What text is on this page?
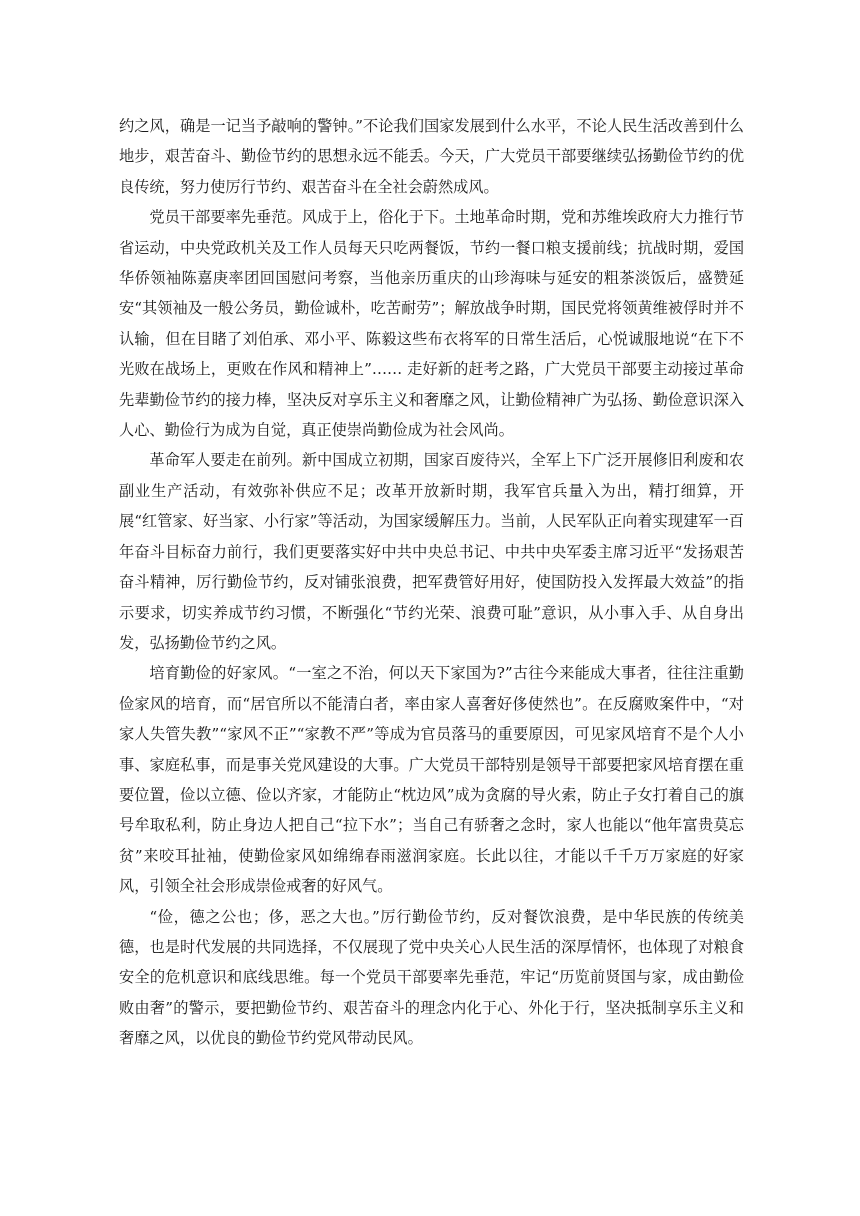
约之风，确是一记当予敲响的警钟。”不论我们国家发展到什么水平，不论人民生活改善到什么地步，艰苦奋斗、勤俭节约的思想永远不能丢。今天，广大党员干部要继续弘扬勤俭节约的优良传统，努力使厉行节约、艰苦奋斗在全社会蔚然成风。

党员干部要率先垂范。风成于上，俗化于下。土地革命时期，党和苏维埃政府大力推行节省运动，中央党政机关及工作人员每天只吃两餐饭，节约一餐口粮支援前线；抗战时期，爱国华侨领袖陈嘉庚率团回国慰问考察，当他亲历重庆的山珍海味与延安的粗茶淡饭后，盛赞延安“其领袖及一般公务员，勤俭诚朴，吃苦耐劳”；解放战争时期，国民党将领黄维被俘时并不认输，但在目睹了刘伯承、邓小平、陈毅这些布衣将军的日常生活后，心悦诚服地说“在下不光败在战场上，更败在作风和精神上”…… 走好新的赶考之路，广大党员干部要主动接过革命先辈勤俭节约的接力棒，坚决反对享乐主义和奢靡之风，让勤俭精神广为弘扬、勤俭意识深入人心、勤俭行为成为自觉，真正使崇尚勤俭成为社会风尚。

革命军人要走在前列。新中国成立初期，国家百废待兴，全军上下广泛开展修旧利废和农副业生产活动，有效弥补供应不足；改革开放新时期，我军官兵量入为出，精打细算，开展“红管家、好当家、小行家”等活动，为国家缓解压力。当前，人民军队正向着实现建军一百年奋斗目标奋力前行，我们更要落实好中共中央总书记、中共中央军委主席习近平“发扬艰苦奋斗精神，厉行勤俭节约，反对铺张浪费，把军费管好用好，使国防投入发挥最大效益”的指示要求，切实养成节约习惯，不断强化“节约光荣、浪费可耻”意识，从小事入手、从自身出发，弘扬勤俭节约之风。

培育勤俭的好家风。“一室之不治，何以天下家国为?”古往今来能成大事者，往往注重勤俭家风的培育，而“居官所以不能清白者，率由家人喜奢好侈使然也”。在反腐败案件中，“对家人失管失教”“家风不正”“家教不严”等成为官员落马的重要原因，可见家风培育不是个人小事、家庭私事，而是事关党风建设的大事。广大党员干部特别是领导干部要把家风培育摆在重要位置，俭以立德、俭以齐家，才能防止“枕边风”成为贪腐的导火索，防止子女打着自己的旗号牟取私利，防止身边人把自己“拉下水”；当自己有骄奢之念时，家人也能以“他年富贵莫忘贫”来咬耳扯袖，使勤俭家风如绵绵春雨滋润家庭。长此以往，才能以千千万万家庭的好家风，引领全社会形成崇俭戒奢的好风气。

“俭，德之公也；侈，恶之大也。”厉行勤俭节约，反对餐饮浪费，是中华民族的传统美德，也是时代发展的共同选择，不仅展现了党中央关心人民生活的深厚情怀，也体现了对粮食安全的危机意识和底线思维。每一个党员干部要率先垂范，牢记“历览前贤国与家，成由勤俭败由奢”的警示，要把勤俭节约、艰苦奋斗的理念内化于心、外化于行，坚决抵制享乐主义和奢靡之风，以优良的勤俭节约党风带动民风。
